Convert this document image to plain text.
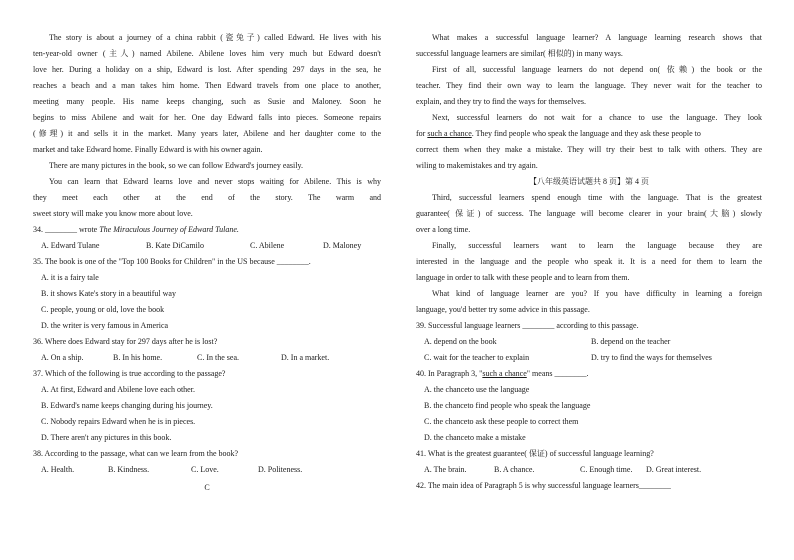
The story is about a journey of a china rabbit (瓷兔子) called Edward. He lives with his
ten-year-old owner (主人) named Abilene. Abilene loves him very much but Edward doesn't
love her. During a holiday on a ship, Edward is lost. After spending 297 days in the sea, he
reaches a beach and a man takes him home. Then Edward travels from one place to another,
meeting many people. His name keeps changing, such as Susie and Maloney. Soon he
begins to miss Abilene and wait for her. One day Edward falls into pieces. Someone repairs
(修理) it and sells it in the market. Many years later, Abilene and her daughter come to the
market and take Edward home. Finally Edward is with his owner again.
There are many pictures in the book, so we can follow Edward's journey easily.
You can learn that Edward learns love and never stops waiting for Abilene. This is why
they meet each other at the end of the story. The warm and
sweet story will make you know more about love.
34. ________ wrote The Miraculous Journey of Edward Tulane.
A. Edward Tulane	B. Kate DiCamilo	C. Abilene	D. Maloney
35. The book is one of the "Top 100 Books for Children" in the US because ________.
A. it is a fairy tale
B. it shows Kate's story in a beautiful way
C. people, young or old, love the book
D. the writer is very famous in America
36. Where does Edward stay for 297 days after he is lost?
A. On a ship.	B. In his home.	C. In the sea.	D. In a market.
37. Which of the following is true according to the passage?
A. At first, Edward and Abilene love each other.
B. Edward's name keeps changing during his journey.
C. Nobody repairs Edward when he is in pieces.
D. There aren't any pictures in this book.
38. According to the passage, what can we learn from the book?
A. Health.	B. Kindness.	C. Love.	D. Politeness.
C
What makes a successful language learner? A language learning research shows that
successful language learners are similar( 相似的) in many ways.
First of all, successful language learners do not depend on( 依赖) the book or the
teacher. They find their own way to learn the language. They never wait for the teacher to
explain, and they try to find the ways for themselves.
Next, successful learners do not wait for a chance to use the language. They look
for such a chance. They find people who speak the language and they ask these people to
correct them when they make a mistake. They will try their best to talk with others. They are
wiling to makemistakes and try again.
【八年级英语试题共 8 页】第 4 页
Third, successful learners spend enough time with the language. That is the greatest
guarantee( 保证) of success. The language will become clearer in your brain(大脑) slowly
over a long time.
Finally, successful learners want to learn the language because they are
interested in the language and the people who speak it. It is a need for them to learn the
language in order to talk with these people and to learn from them.
What kind of language learner are you? If you have difficulty in learning a foreign
language, you'd better try some advice in this passage.
39. Successful language learners ________ according to this passage.
A. depend on the book	B. depend on the teacher
C. wait for the teacher to explain	D. try to find the ways for themselves
40. In Paragraph 3, "such a chance" means ________.
A. the chanceto use the language
B. the chanceto find people who speak the language
C. the chanceto ask these people to correct them
D. the chanceto make a mistake
41. What is the greatest guarantee( 保证) of successful language learning?
A. The brain.	B. A chance.	C. Enough time.	D. Great interest.
42. The main idea of Paragraph 5 is why successful language learners________
